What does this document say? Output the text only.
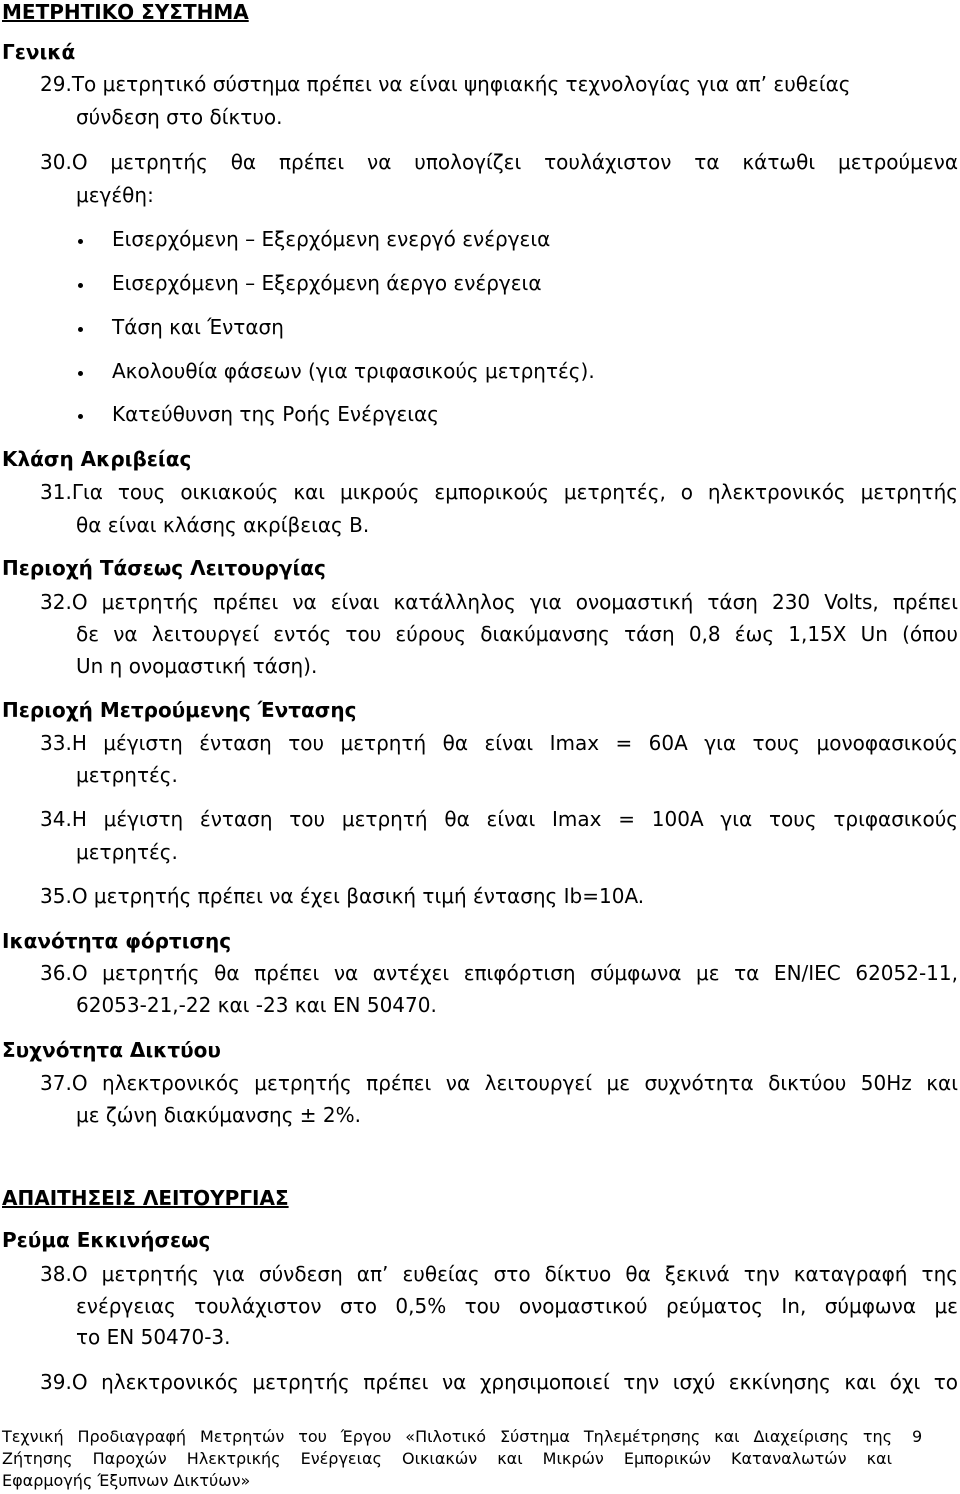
ΜΕΤΡΗΤΙΚΟ ΣΥΣΤΗΜΑ
Γενικά
29.Το μετρητικό σύστημα πρέπει να είναι ψηφιακής τεχνολογίας για απ’ ευθείας
σύνδεση στο δίκτυο.
30.Ο μετρητής θα πρέπει να υπολογίζει τουλάχιστον τα κάτωθι μετρούμενα
μεγέθη:
Εισερχόμενη – Εξερχόμενη ενεργό ενέργεια
Εισερχόμενη – Εξερχόμενη άεργο ενέργεια
Τάση και Ένταση
Ακολουθία φάσεων (για τριφασικούς μετρητές).
Κατεύθυνση της Ροής Ενέργειας
Κλάση Ακριβείας
31.Για τους οικιακούς και μικρούς εμπορικούς μετρητές, ο ηλεκτρονικός μετρητής
θα είναι κλάσης ακρίβειας B.
Περιοχή Τάσεως Λειτουργίας
32.Ο μετρητής πρέπει να είναι κατάλληλος για ονομαστική τάση 230 Volts, πρέπει
δε να λειτουργεί εντός του εύρους διακύμανσης τάση 0,8 έως 1,15X Un (όπου
Un η ονομαστική τάση).
Περιοχή Μετρούμενης Έντασης
33.Η μέγιστη ένταση του μετρητή θα είναι Imax = 60A για τους μονοφασικούς
μετρητές.
34.Η μέγιστη ένταση του μετρητή θα είναι Imax = 100A για τους τριφασικούς
μετρητές.
35.Ο μετρητής πρέπει να έχει βασική τιμή έντασης Ib=10A.
Ικανότητα φόρτισης
36.Ο μετρητής θα πρέπει να αντέχει επιφόρτιση σύμφωνα με τα EN/IEC 62052-11,
62053-21,-22 και -23 και EN 50470.
Συχνότητα Δικτύου
37.Ο ηλεκτρονικός μετρητής πρέπει να λειτουργεί με συχνότητα δικτύου 50Hz και
με ζώνη διακύμανσης ± 2%.
ΑΠΑΙΤΗΣΕΙΣ ΛΕΙΤΟΥΡΓΙΑΣ
Ρεύμα Εκκινήσεως
38.Ο μετρητής για σύνδεση απ’ ευθείας στο δίκτυο θα ξεκινά την καταγραφή της
ενέργειας τουλάχιστον στο 0,5% του ονομαστικού ρεύματος In, σύμφωνα με
το EN 50470-3.
39.Ο ηλεκτρονικός μετρητής πρέπει να χρησιμοποιεί την ισχύ εκκίνησης και όχι το
Τεχνική Προδιαγραφή Μετρητών του Έργου «Πιλοτικό Σύστημα Τηλεμέτρησης και Διαχείρισης της 9
Ζήτησης Παροχών Ηλεκτρικής Ενέργειας Οικιακών και Μικρών Εμπορικών Καταναλωτών και
Εφαρμογής Έξυπνων Δικτύων»
